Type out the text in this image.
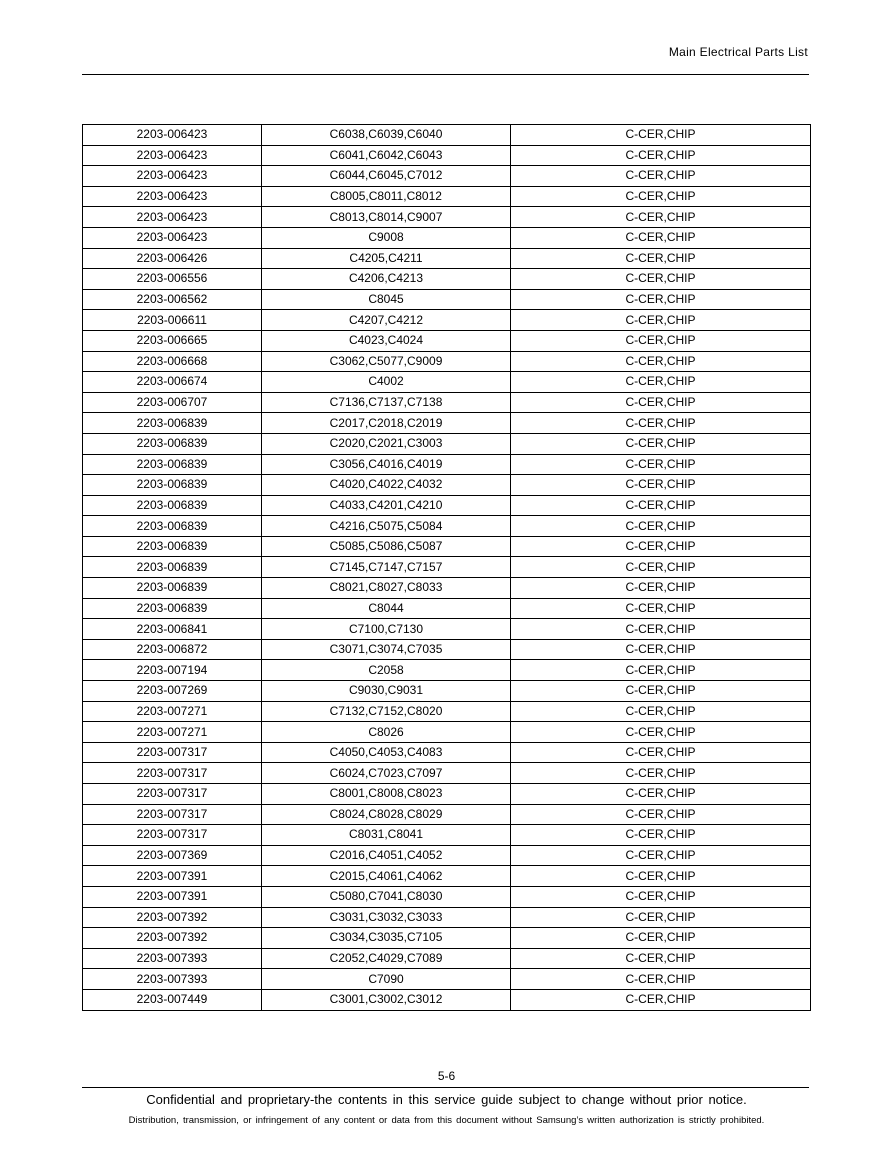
Main Electrical Parts List
2203-006423	C6038,C6039,C6040	C-CER,CHIP
2203-006423	C6041,C6042,C6043	C-CER,CHIP
2203-006423	C6044,C6045,C7012	C-CER,CHIP
2203-006423	C8005,C8011,C8012	C-CER,CHIP
2203-006423	C8013,C8014,C9007	C-CER,CHIP
2203-006423	C9008	C-CER,CHIP
2203-006426	C4205,C4211	C-CER,CHIP
2203-006556	C4206,C4213	C-CER,CHIP
2203-006562	C8045	C-CER,CHIP
2203-006611	C4207,C4212	C-CER,CHIP
2203-006665	C4023,C4024	C-CER,CHIP
2203-006668	C3062,C5077,C9009	C-CER,CHIP
2203-006674	C4002	C-CER,CHIP
2203-006707	C7136,C7137,C7138	C-CER,CHIP
2203-006839	C2017,C2018,C2019	C-CER,CHIP
2203-006839	C2020,C2021,C3003	C-CER,CHIP
2203-006839	C3056,C4016,C4019	C-CER,CHIP
2203-006839	C4020,C4022,C4032	C-CER,CHIP
2203-006839	C4033,C4201,C4210	C-CER,CHIP
2203-006839	C4216,C5075,C5084	C-CER,CHIP
2203-006839	C5085,C5086,C5087	C-CER,CHIP
2203-006839	C7145,C7147,C7157	C-CER,CHIP
2203-006839	C8021,C8027,C8033	C-CER,CHIP
2203-006839	C8044	C-CER,CHIP
2203-006841	C7100,C7130	C-CER,CHIP
2203-006872	C3071,C3074,C7035	C-CER,CHIP
2203-007194	C2058	C-CER,CHIP
2203-007269	C9030,C9031	C-CER,CHIP
2203-007271	C7132,C7152,C8020	C-CER,CHIP
2203-007271	C8026	C-CER,CHIP
2203-007317	C4050,C4053,C4083	C-CER,CHIP
2203-007317	C6024,C7023,C7097	C-CER,CHIP
2203-007317	C8001,C8008,C8023	C-CER,CHIP
2203-007317	C8024,C8028,C8029	C-CER,CHIP
2203-007317	C8031,C8041	C-CER,CHIP
2203-007369	C2016,C4051,C4052	C-CER,CHIP
2203-007391	C2015,C4061,C4062	C-CER,CHIP
2203-007391	C5080,C7041,C8030	C-CER,CHIP
2203-007392	C3031,C3032,C3033	C-CER,CHIP
2203-007392	C3034,C3035,C7105	C-CER,CHIP
2203-007393	C2052,C4029,C7089	C-CER,CHIP
2203-007393	C7090	C-CER,CHIP
2203-007449	C3001,C3002,C3012	C-CER,CHIP
5-6
Confidential and proprietary-the contents in this service guide subject to change without prior notice.
Distribution, transmission, or infringement of any content or data from this document without Samsung’s written authorization is strictly prohibited.
